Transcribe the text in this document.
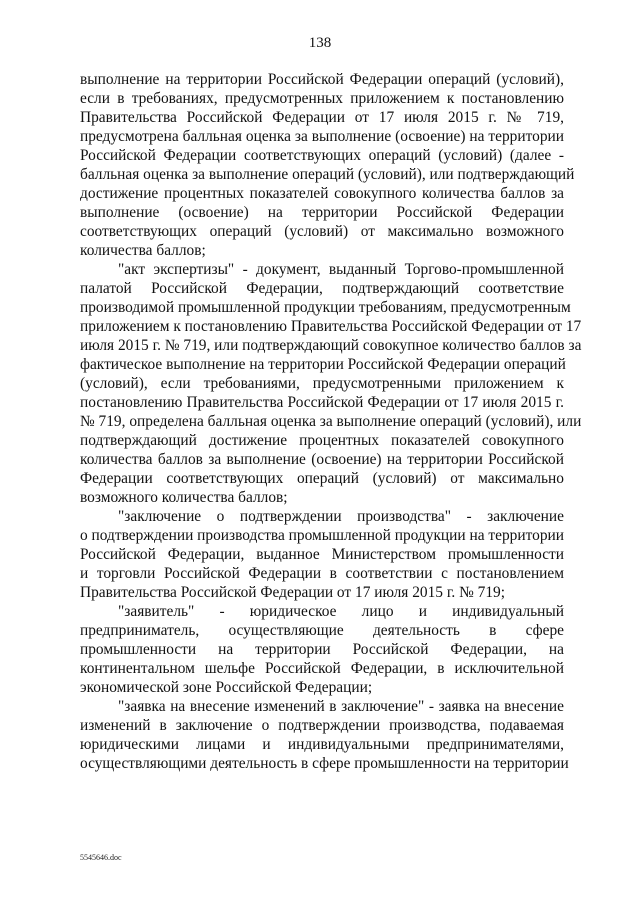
138

выполнение на территории Российской Федерации операций (условий),
если в требованиях, предусмотренных приложением к постановлению
Правительства Российской Федерации от 17 июля 2015 г. № 719,
предусмотрена балльная оценка за выполнение (освоение) на территории
Российской Федерации соответствующих операций (условий) (далее -
балльная оценка за выполнение операций (условий), или подтверждающий
достижение процентных показателей совокупного количества баллов за
выполнение (освоение) на территории Российской Федерации
соответствующих операций (условий) от максимально возможного
количества баллов;

"акт экспертизы" - документ, выданный Торгово-промышленной
палатой Российской Федерации, подтверждающий соответствие
производимой промышленной продукции требованиям, предусмотренным
приложением к постановлению Правительства Российской Федерации от 17
июля 2015 г. № 719, или подтверждающий совокупное количество баллов за
фактическое выполнение на территории Российской Федерации операций
(условий), если требованиями, предусмотренными приложением к
постановлению Правительства Российской Федерации от 17 июля 2015 г.
№ 719, определена балльная оценка за выполнение операций (условий), или
подтверждающий достижение процентных показателей совокупного
количества баллов за выполнение (освоение) на территории Российской
Федерации соответствующих операций (условий) от максимально
возможного количества баллов;

"заключение о подтверждении производства" - заключение
о подтверждении производства промышленной продукции на территории
Российской Федерации, выданное Министерством промышленности
и торговли Российской Федерации в соответствии с постановлением
Правительства Российской Федерации от 17 июля 2015 г. № 719;

"заявитель" - юридическое лицо и индивидуальный
предприниматель, осуществляющие деятельность в сфере
промышленности на территории Российской Федерации, на
континентальном шельфе Российской Федерации, в исключительной
экономической зоне Российской Федерации;

"заявка на внесение изменений в заключение" - заявка на внесение
изменений в заключение о подтверждении производства, подаваемая
юридическими лицами и индивидуальными предпринимателями,
осуществляющими деятельность в сфере промышленности на территории

5545646.doc
